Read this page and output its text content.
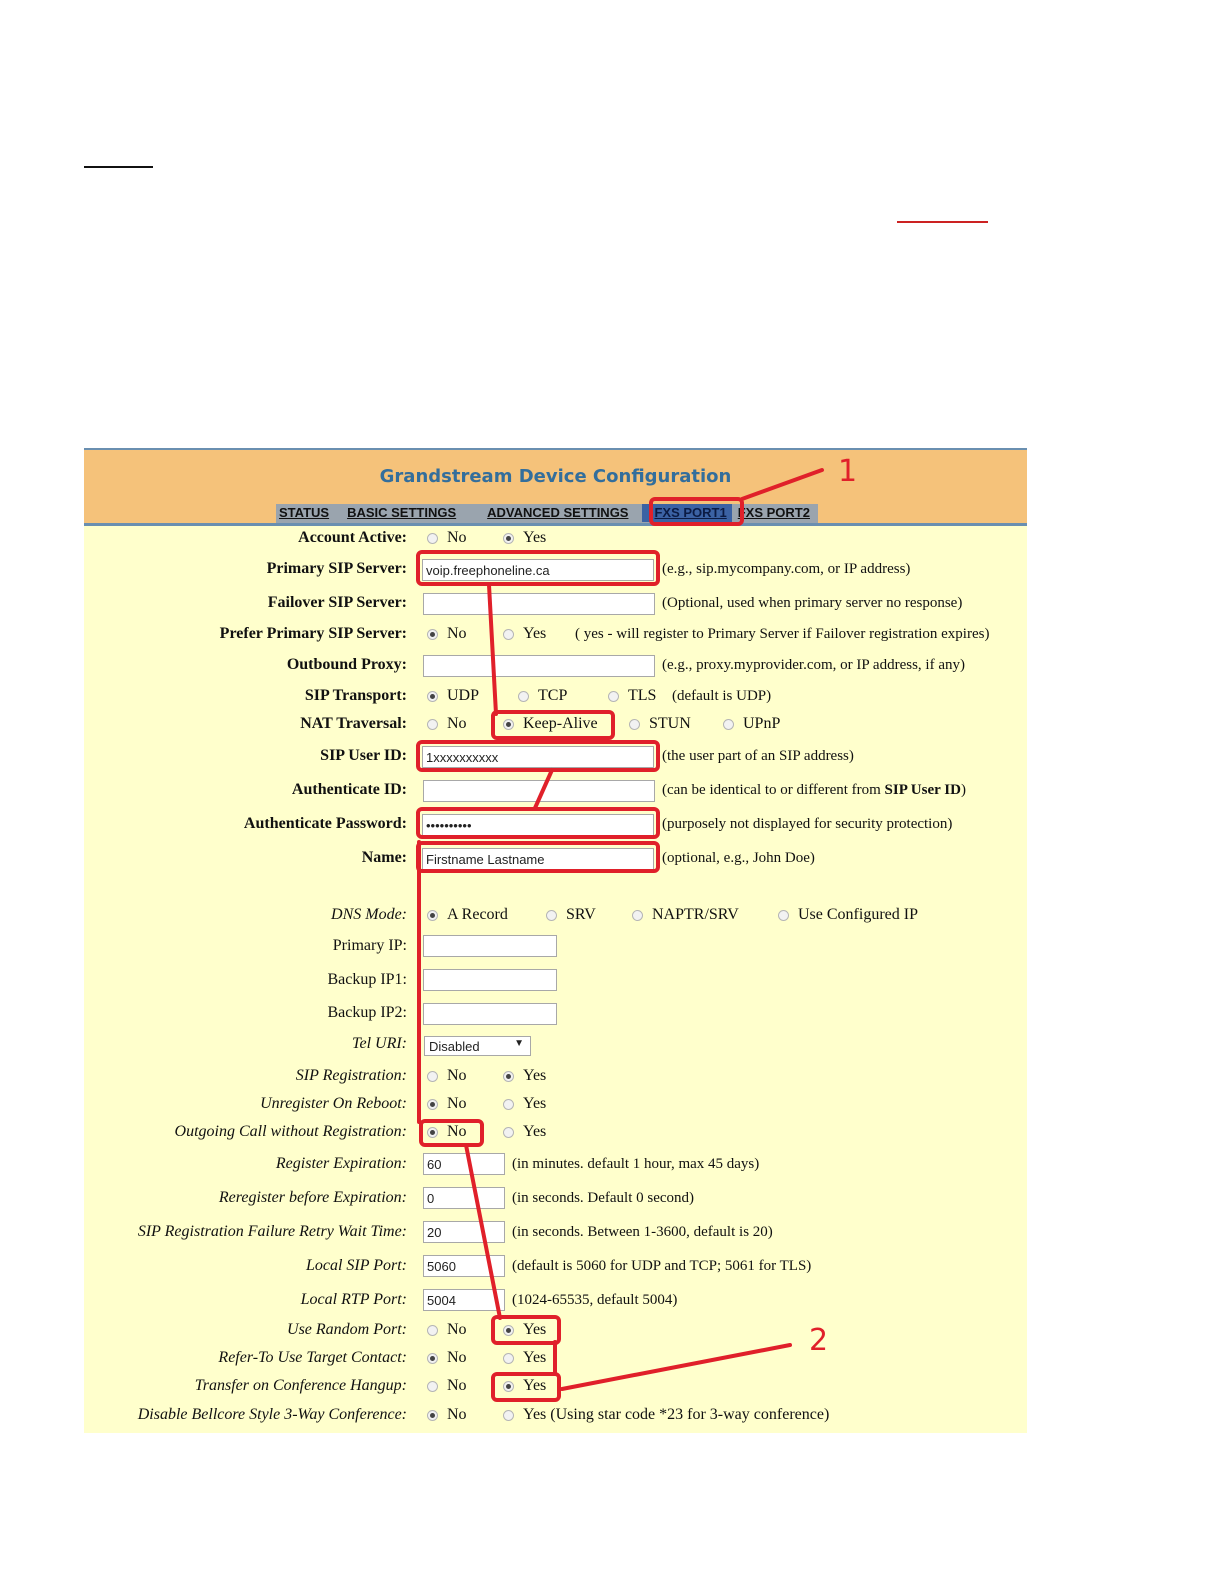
Grandstream Device Configuration
STATUS	BASIC SETTINGS	ADVANCED SETTINGS	FXS PORT1 FXS PORT2
Account Active:	No	Yes
Primary SIP Server:	voip.freephoneline.ca	(e.g., sip.mycompany.com, or IP address)
Failover SIP Server:	(Optional, used when primary server no response)
Prefer Primary SIP Server:	No	Yes ( yes - will register to Primary Server if Failover registration expires)
Outbound Proxy:	(e.g., proxy.myprovider.com, or IP address, if any)
SIP Transport:	UDP	TCP	TLS (default is UDP)
NAT Traversal:	No	Keep-Alive	STUN	UPnP
SIP User ID:	1xxxxxxxxxx	(the user part of an SIP address)
Authenticate ID:	(can be identical to or different from SIP User ID)
Authenticate Password:	••••••••••	(purposely not displayed for security protection)
Name:	Firstname Lastname	(optional, e.g., John Doe)
DNS Mode:	A Record	SRV	NAPTR/SRV	Use Configured IP
Primary IP:
Backup IP1:
Backup IP2:
Tel URI:	Disabled	▼
SIP Registration:	No	Yes
Unregister On Reboot:	No	Yes
Outgoing Call without Registration:	No	Yes
Register Expiration:	60	(in minutes. default 1 hour, max 45 days)
Reregister before Expiration:	0	(in seconds. Default 0 second)
SIP Registration Failure Retry Wait Time:	20	(in seconds. Between 1-3600, default is 20)
Local SIP Port:	5060	(default is 5060 for UDP and TCP; 5061 for TLS)
Local RTP Port:	5004	(1024-65535, default 5004)
Use Random Port:	No	Yes
Refer-To Use Target Contact:	No	Yes
Transfer on Conference Hangup:	No	Yes
Disable Bellcore Style 3-Way Conference:	No	Yes (Using star code *23 for 3-way conference)
1
2
